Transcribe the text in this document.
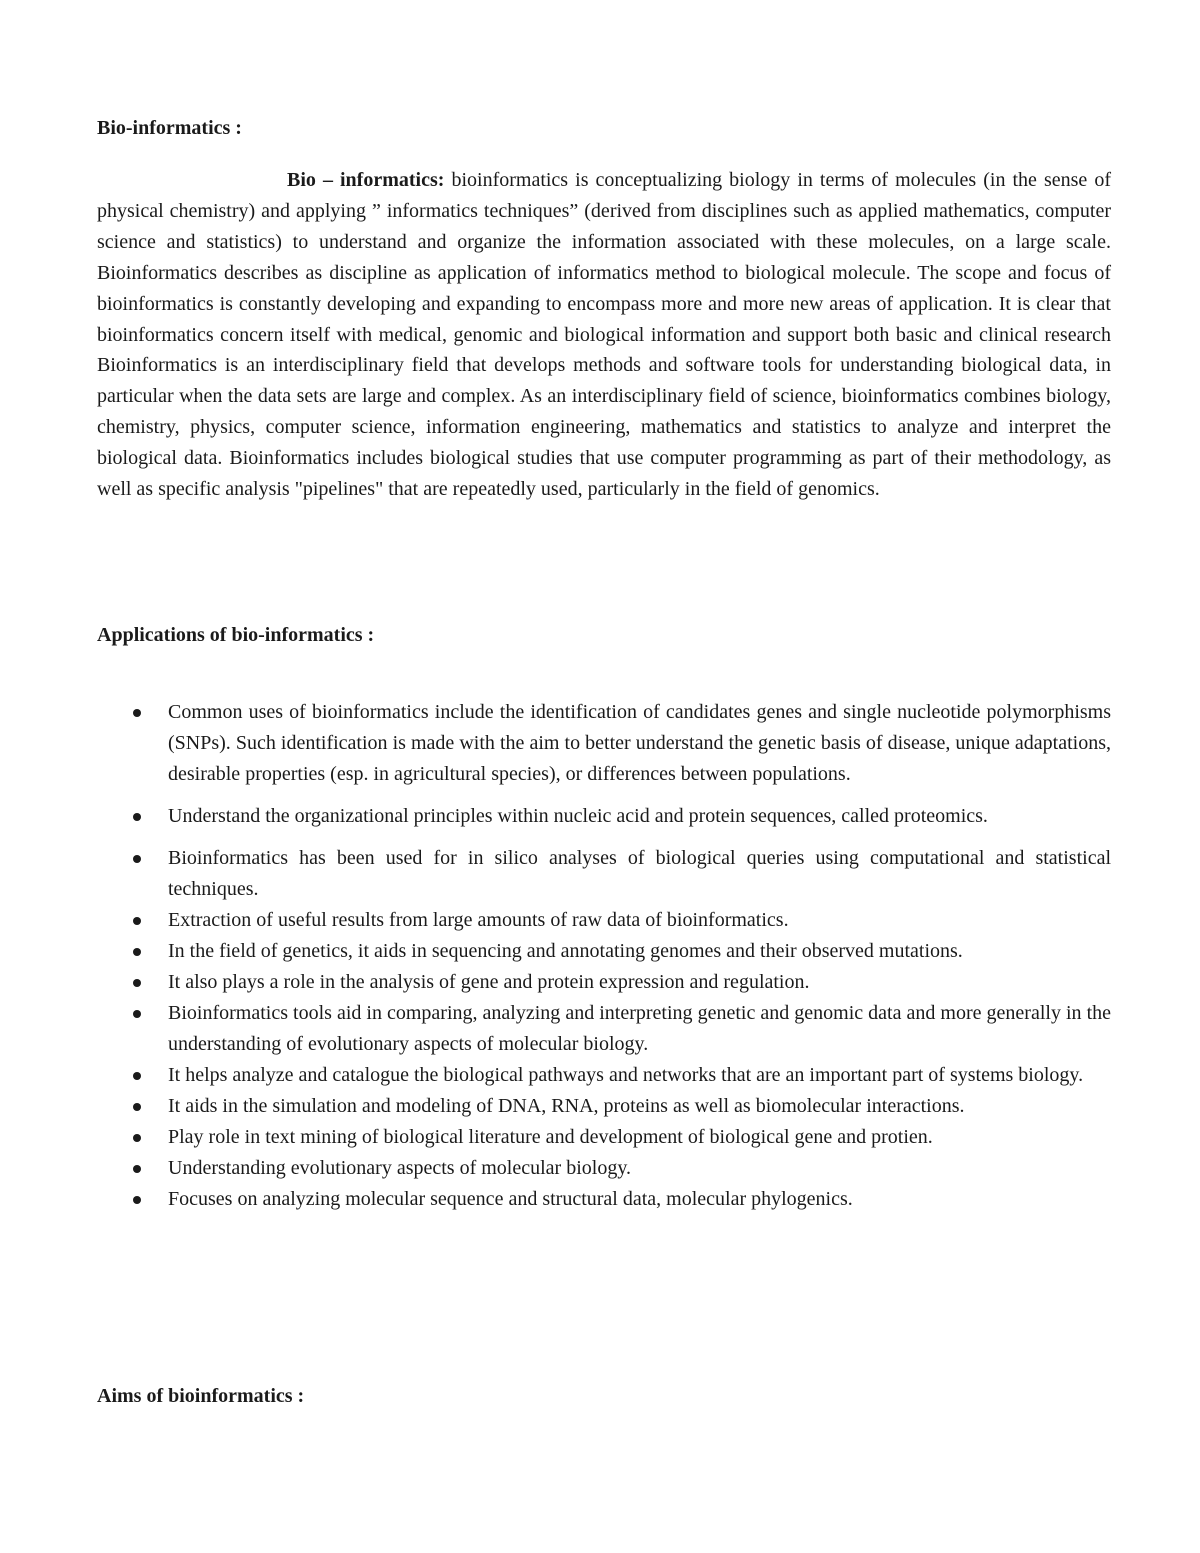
Bio-informatics :

Bio – informatics: bioinformatics is conceptualizing biology in terms of molecules (in the sense of physical chemistry) and applying ” informatics techniques” (derived from disciplines such as applied mathematics, computer science and statistics) to understand and organize the information associated with these molecules, on a large scale. Bioinformatics describes as discipline as application of informatics method to biological molecule. The scope and focus of bioinformatics is constantly developing and expanding to encompass more and more new areas of application. It is clear that bioinformatics concern itself with medical, genomic and biological information and support both basic and clinical research Bioinformatics is an interdisciplinary field that develops methods and software tools for understanding biological data, in particular when the data sets are large and complex. As an interdisciplinary field of science, bioinformatics combines biology, chemistry, physics, computer science, information engineering, mathematics and statistics to analyze and interpret the biological data. Bioinformatics includes biological studies that use computer programming as part of their methodology, as well as specific analysis "pipelines" that are repeatedly used, particularly in the field of genomics.

Applications of bio-informatics :
Common uses of bioinformatics include the identification of candidates genes and single nucleotide polymorphisms (SNPs). Such identification is made with the aim to better understand the genetic basis of disease, unique adaptations, desirable properties (esp. in agricultural species), or differences between populations.
Understand the organizational principles within nucleic acid and protein sequences, called proteomics.
Bioinformatics has been used for in silico analyses of biological queries using computational and statistical techniques.
Extraction of useful results from large amounts of raw data of bioinformatics.
In the field of genetics, it aids in sequencing and annotating genomes and their observed mutations.
It also plays a role in the analysis of gene and protein expression and regulation.
Bioinformatics tools aid in comparing, analyzing and interpreting genetic and genomic data and more generally in the understanding of evolutionary aspects of molecular biology.
It helps analyze and catalogue the biological pathways and networks that are an important part of systems biology.
It aids in the simulation and modeling of DNA, RNA, proteins as well as biomolecular interactions.
Play role in text mining of biological literature and development of biological gene and protien.
Understanding evolutionary aspects of molecular biology.
Focuses on analyzing molecular sequence and structural data, molecular phylogenics.
Aims of bioinformatics :
